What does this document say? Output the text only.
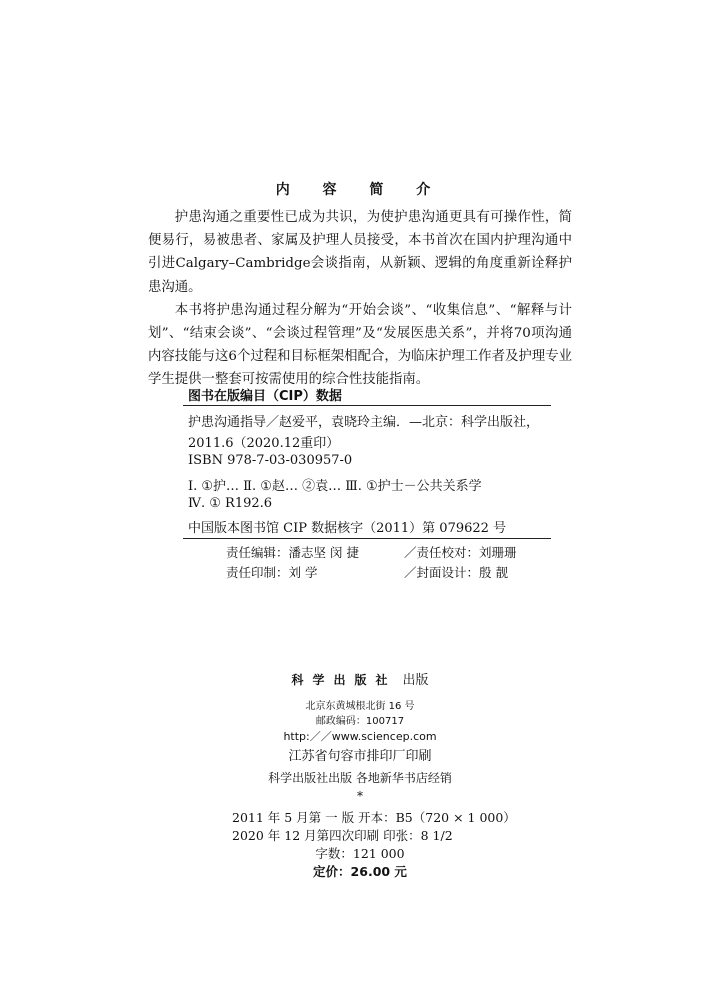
内 容 简 介

护患沟通之重要性已成为共识，为使护患沟通更具有可操作性，简便易行，易被患者、家属及护理人员接受，本书首次在国内护理沟通中引进Calgary–Cambridge会谈指南，从新颖、逻辑的角度重新诠释护患沟通。

本书将护患沟通过程分解为“开始会谈”、“收集信息”、“解释与计划”、“结束会谈”、“会谈过程管理”及“发展医患关系”，并将70项沟通内容技能与这6个过程和目标框架相配合，为临床护理工作者及护理专业学生提供一整套可按需使用的综合性技能指南。

图书在版编目（CIP）数据
护患沟通指导／赵爱平，袁晓玲主编．—北京：科学出版社，
2011.6（2020.12重印）
ISBN 978-7-03-030957-0
Ⅰ. ①护… Ⅱ. ①赵… ②袁… Ⅲ. ①护士－公共关系学
Ⅳ. ① R192.6
中国版本图书馆 CIP 数据核字（2011）第 079622 号
责任编辑：潘志坚 闵 捷	／责任校对：刘珊珊
责任印制：刘 学	／封面设计：殷 靓
科学出版社 出版
北京东黄城根北街 16 号
邮政编码：100717
http:／／www.sciencep.com
江苏省句容市排印厂印刷
科学出版社出版 各地新华书店经销
*
2011 年 5 月第 一 版 开本：B5（720 × 1 000）
2020 年 12 月第四次印刷 印张：8 1/2
字数：121 000
定价：26.00 元
